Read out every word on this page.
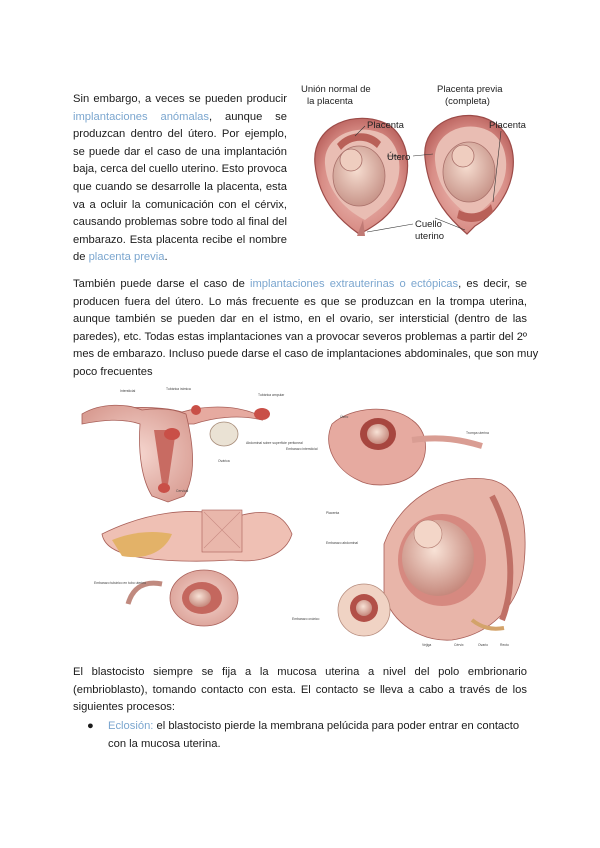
Sin embargo, a veces se pueden producir
implantaciones anómalas, aunque se
produzcan dentro del útero. Por ejemplo,
se puede dar el caso de una implantación
baja, cerca del cuello uterino. Esto provoca
que cuando se desarrolle la placenta, esta
va a ocluir la comunicación con el cérvix,
causando problemas sobre todo al final del
embarazo. Esta placenta recibe el nombre
de placenta previa.
Unión normal de
la placenta
Placenta previa
(completa)
Placenta	Placenta
Útero
Cuello
uterino
También puede darse el caso de implantaciones extrauterinas o ectópicas, es decir, se
producen fuera del útero. Lo más frecuente es que se produzcan en la trompa uterina,
aunque también se pueden dar en el istmo, en el ovario, ser intersticial (dentro de las
paredes), etc. Todas estas implantaciones van a provocar severos problemas a partir del 2º
mes de embarazo. Incluso puede darse el caso de implantaciones abdominales, que son muy
poco frecuentes
Intersticial
Tubárica ampular
Tubárica ístmica
Ovárica
Cervical
Abdominal sobre superficie peritoneal
Embarazo tubárico en tubo uterino
Embarazo intersticial
Embarazo abdominal
Embarazo ovárico
Útero
Trompa uterina
Placenta
Vejiga	Recto
Cérvix	Ovario
El blastocisto siempre se fija a la mucosa uterina a nivel del polo embrionario
(embrioblasto), tomando contacto con esta. El contacto se lleva a cabo a través de los
siguientes procesos:
● Eclosión: el blastocisto pierde la membrana pelúcida para poder entrar en contacto
con la mucosa uterina.
